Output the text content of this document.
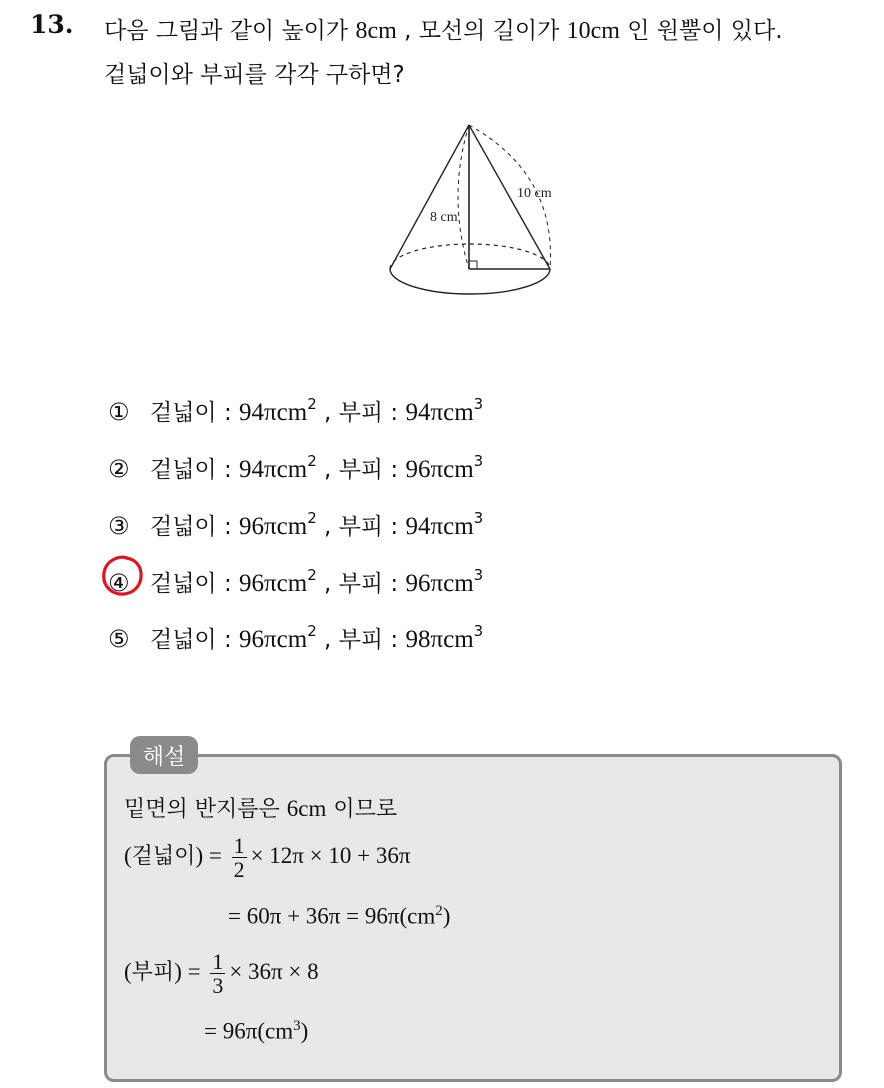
13. 다음 그림과 같이 높이가 8cm , 모선의 길이가 10cm 인 원뿔이 있다.
겉넓이와 부피를 각각 구하면?
8 cm
10 cm
① 겉넓이 : 94πcm$^2$ , 부피 : 94πcm$^3$
② 겉넓이 : 94πcm$^2$ , 부피 : 96πcm$^3$
③ 겉넓이 : 96πcm$^2$ , 부피 : 94πcm$^3$
④ 겉넓이 : 96πcm$^2$ , 부피 : 96πcm$^3$
⑤ 겉넓이 : 96πcm$^2$ , 부피 : 98πcm$^3$
해설
밑면의 반지름은 6cm 이므로
(겉넓이) = $\frac{1}{2} \times 12\pi \times 10 + 36\pi$
= $60\pi + 36\pi = 96\pi(cm^2)$
(부피) = $\frac{1}{3} \times 36\pi \times 8$
= $96\pi(cm^3)$
